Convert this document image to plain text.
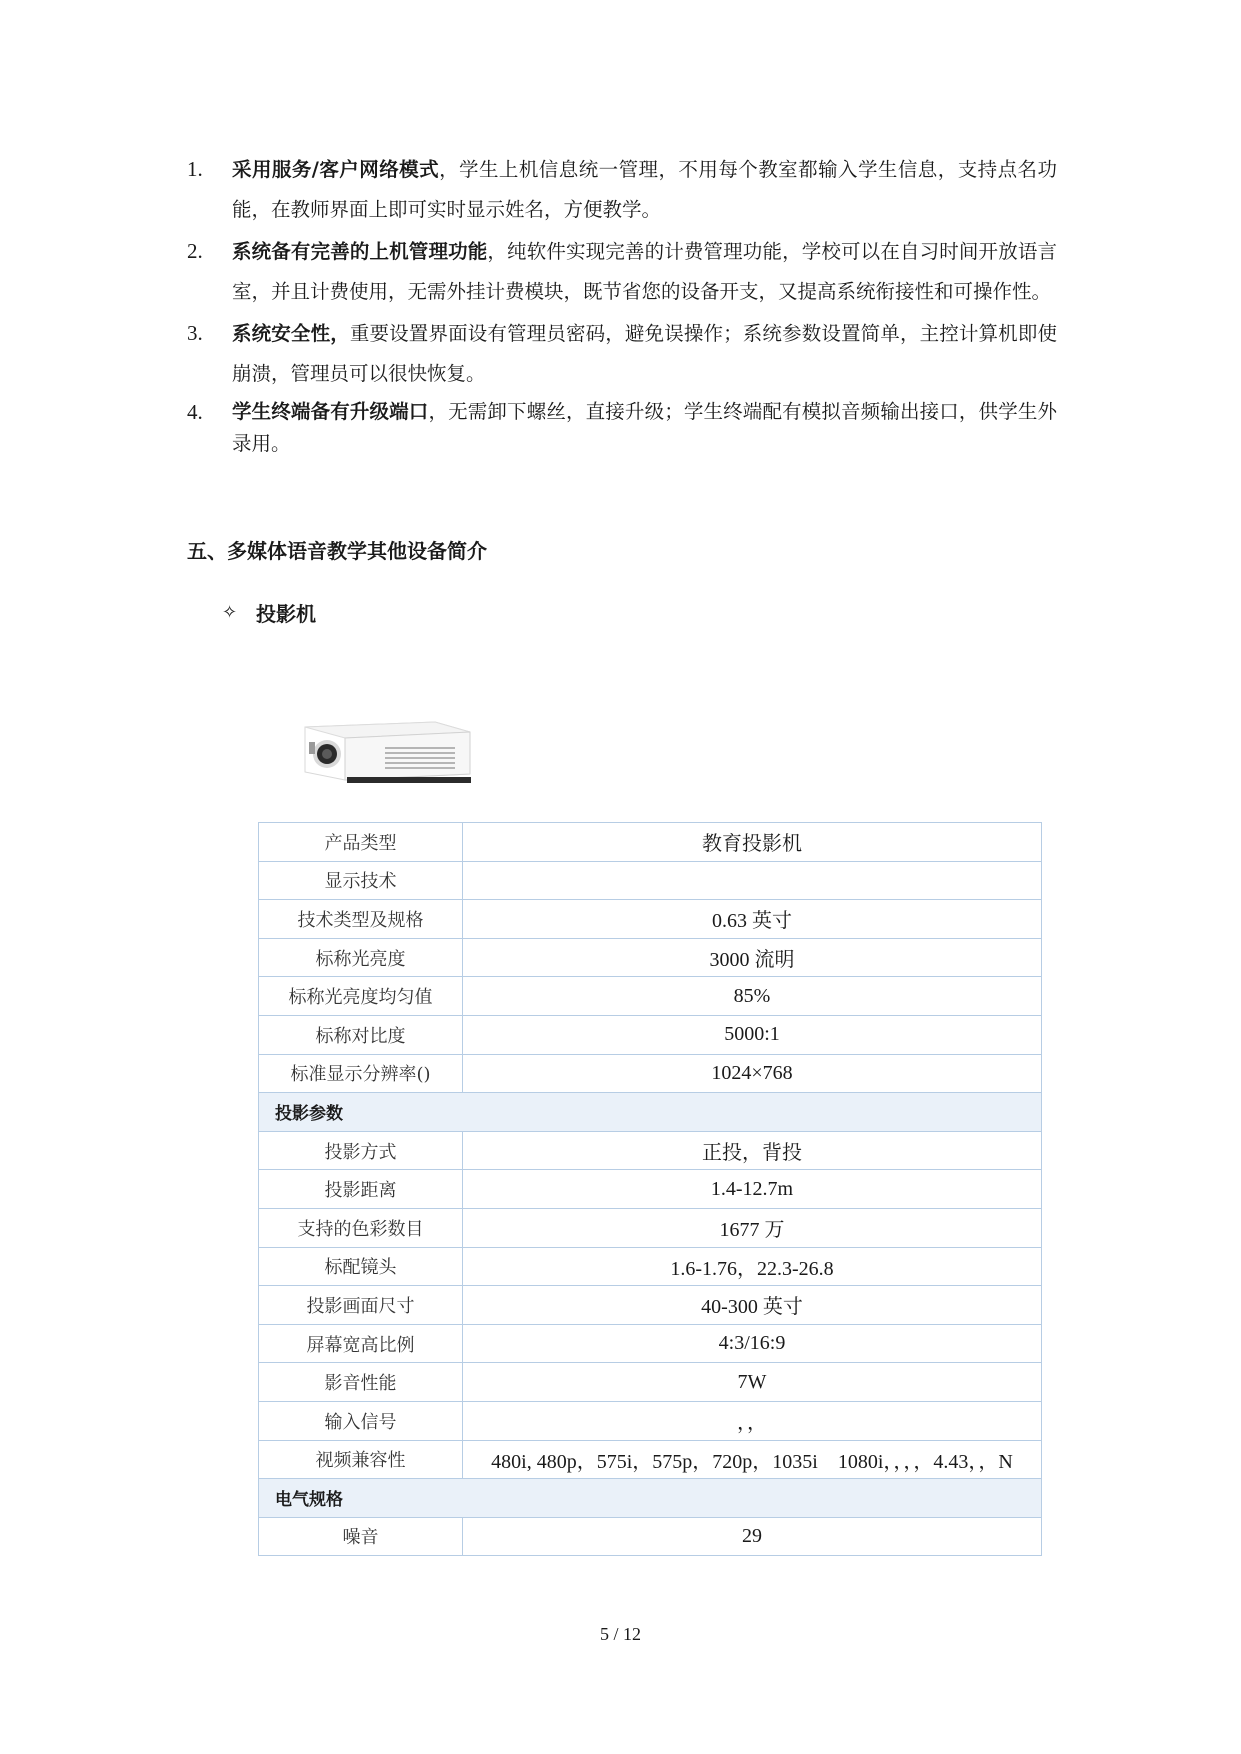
1.	采用服务/客户网络模式，学生上机信息统一管理，不用每个教室都输入学生信息，支持点名功能，在教师界面上即可实时显示姓名，方便教学。
2.	系统备有完善的上机管理功能，纯软件实现完善的计费管理功能，学校可以在自习时间开放语言室，并且计费使用，无需外挂计费模块，既节省您的设备开支，又提高系统衔接性和可操作性。
3.	系统安全性，重要设置界面设有管理员密码，避免误操作；系统参数设置简单，主控计算机即使崩溃，管理员可以很快恢复。
4.	学生终端备有升级端口，无需卸下螺丝，直接升级；学生终端配有模拟音频输出接口，供学生外录用。
五、多媒体语音教学其他设备简介
✧ 投影机
产品类型	教育投影机
显示技术	
技术类型及规格	0.63 英寸
标称光亮度	3000 流明
标称光亮度均匀值	85%
标称对比度	5000:1
标准显示分辨率()	1024×768
投影参数	
投影方式	正投，背投
投影距离	1.4-12.7m
支持的色彩数目	1677 万
标配镜头	1.6-1.76，22.3-26.8
投影画面尺寸	40-300 英寸
屏幕宽高比例	4:3/16:9
影音性能	7W
输入信号	，，
视频兼容性	480i, 480p，575i，575p，720p，1035i　1080i，，，，4.43，，N
电气规格	
噪音	29
5 / 12
